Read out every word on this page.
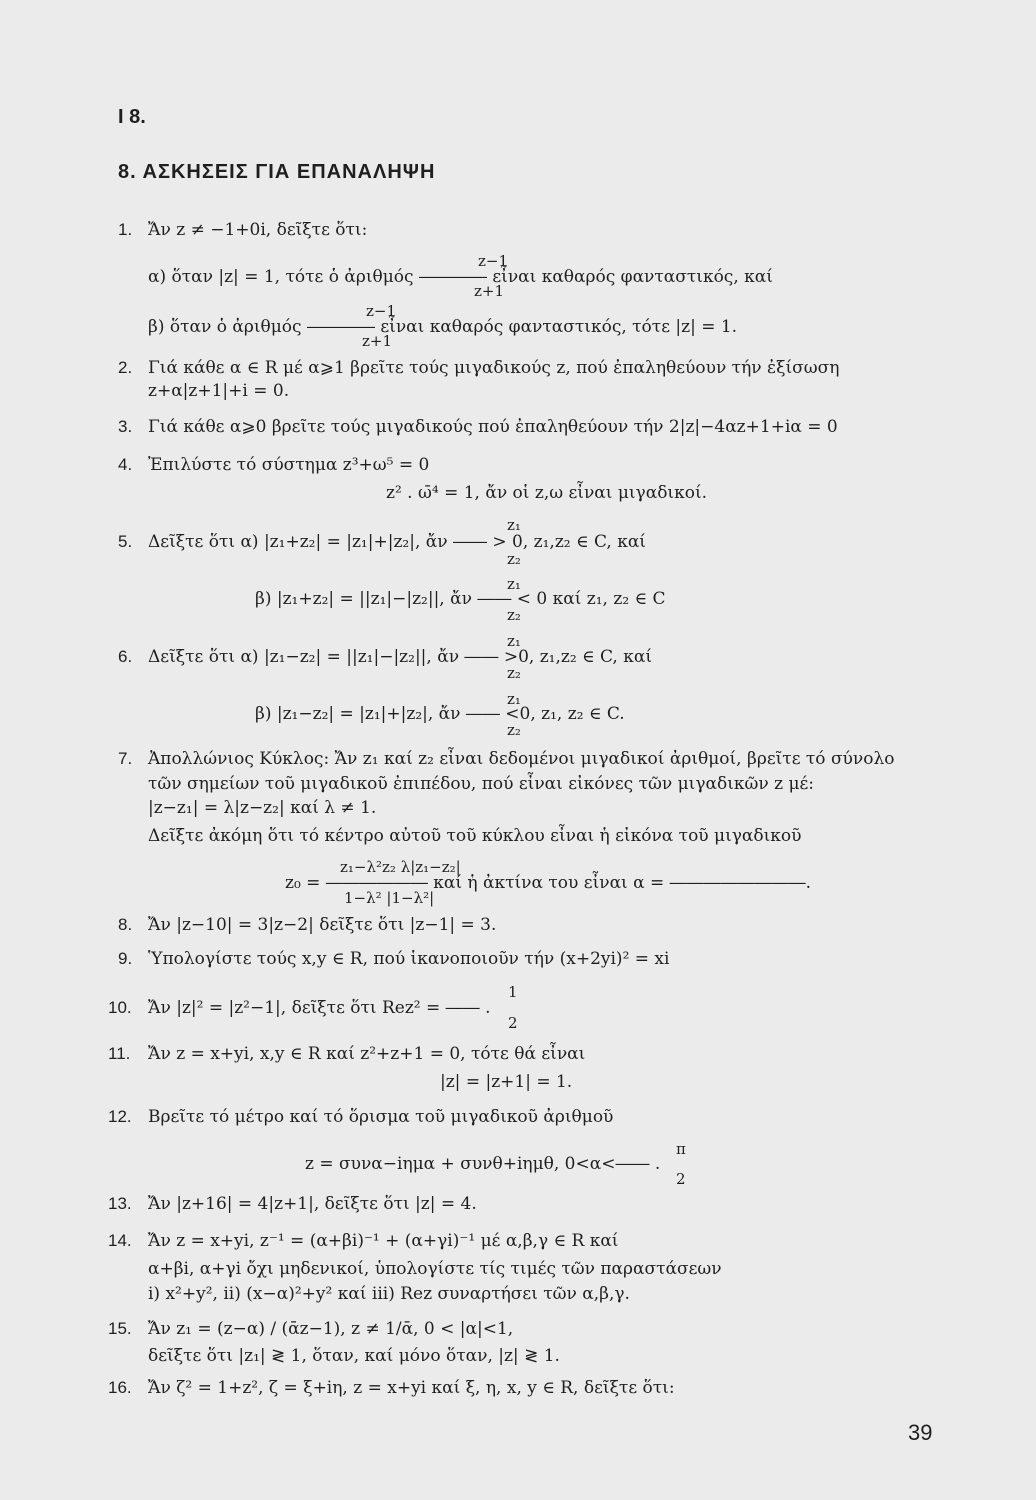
I 8.
8. ΑΣΚΗΣΕΙΣ ΓΙΑ ΕΠΑΝΑΛΗΨΗ
1. Ἄν z ≠ −1+0i, δεῖξτε ὅτι:
z−1
α) ὅταν |z| = 1, τότε ὁ ἀριθμός ―――― εἶναι καθαρός φανταστικός, καί
z+1
z−1
β) ὅταν ὁ ἀριθμός ―――― εἶναι καθαρός φανταστικός, τότε |z| = 1.
z+1
2. Γιά κάθε α ∈ R μέ α⩾1 βρεῖτε τούς μιγαδικούς z, πού ἐπαληθεύουν τήν ἐξίσωση
z+α|z+1|+i = 0.
3. Γιά κάθε α⩾0 βρεῖτε τούς μιγαδικούς πού ἐπαληθεύουν τήν 2|z|−4αz+1+iα = 0
4. Ἐπιλύστε τό σύστημα z³+ω⁵ = 0
z² . ω̄⁴ = 1, ἄν οἱ z,ω εἶναι μιγαδικοί.
z₁
5. Δεῖξτε ὅτι α) |z₁+z₂| = |z₁|+|z₂|, ἄν ―― > 0, z₁,z₂ ∈ C, καί
z₂
z₁
β) |z₁+z₂| = ||z₁|−|z₂||, ἄν ―― < 0 καί z₁, z₂ ∈ C
z₂
z₁
6. Δεῖξτε ὅτι α) |z₁−z₂| = ||z₁|−|z₂||, ἄν ―― >0, z₁,z₂ ∈ C, καί
z₂
z₁
β) |z₁−z₂| = |z₁|+|z₂|, ἄν ―― <0, z₁, z₂ ∈ C.
z₂
7. Ἀπολλώνιος Κύκλος: Ἄν z₁ καί z₂ εἶναι δεδομένοι μιγαδικοί ἀριθμοί, βρεῖτε τό σύνολο
τῶν σημείων τοῦ μιγαδικοῦ ἐπιπέδου, πού εἶναι εἰκόνες τῶν μιγαδικῶν z μέ:
|z−z₁| = λ|z−z₂| καί λ ≠ 1.
Δεῖξτε ἀκόμη ὅτι τό κέντρο αὐτοῦ τοῦ κύκλου εἶναι ἡ εἰκόνα τοῦ μιγαδικοῦ
z₁−λ²z₂ λ|z₁−z₂|
z₀ = ―――――― καί ἡ ἀκτίνα του εἶναι α = ――――――――.
1−λ² |1−λ²|
8. Ἄν |z−10| = 3|z−2| δεῖξτε ὅτι |z−1| = 3.
9. Ὑπολογίστε τούς x,y ∈ R, πού ἱκανοποιοῦν τήν (x+2yi)² = xi
1
10. Ἄν |z|² = |z²−1|, δεῖξτε ὅτι Rez² = ―― .
2
11. Ἄν z = x+yi, x,y ∈ R καί z²+z+1 = 0, τότε θά εἶναι
|z| = |z+1| = 1.
12. Βρεῖτε τό μέτρο καί τό ὅρισμα τοῦ μιγαδικοῦ ἀριθμοῦ
π
z = συνα−iημα + συνθ+iημθ, 0<α<―― .
2
13. Ἄν |z+16| = 4|z+1|, δεῖξτε ὅτι |z| = 4.
14. Ἄν z = x+yi, z⁻¹ = (α+βi)⁻¹ + (α+γi)⁻¹ μέ α,β,γ ∈ R καί
α+βi, α+γi ὄχι μηδενικοί, ὑπολογίστε τίς τιμές τῶν παραστάσεων
i) x²+y², ii) (x−α)²+y² καί iii) Rez συναρτήσει τῶν α,β,γ.
15. Ἄν z₁ = (z−α) / (ᾱz−1), z ≠ 1/ᾱ, 0 < |α|<1,
δεῖξτε ὅτι |z₁| ≷ 1, ὅταν, καί μόνο ὅταν, |z| ≷ 1.
16. Ἄν ζ² = 1+z², ζ = ξ+iη, z = x+yi καί ξ, η, x, y ∈ R, δεῖξτε ὅτι:
39
